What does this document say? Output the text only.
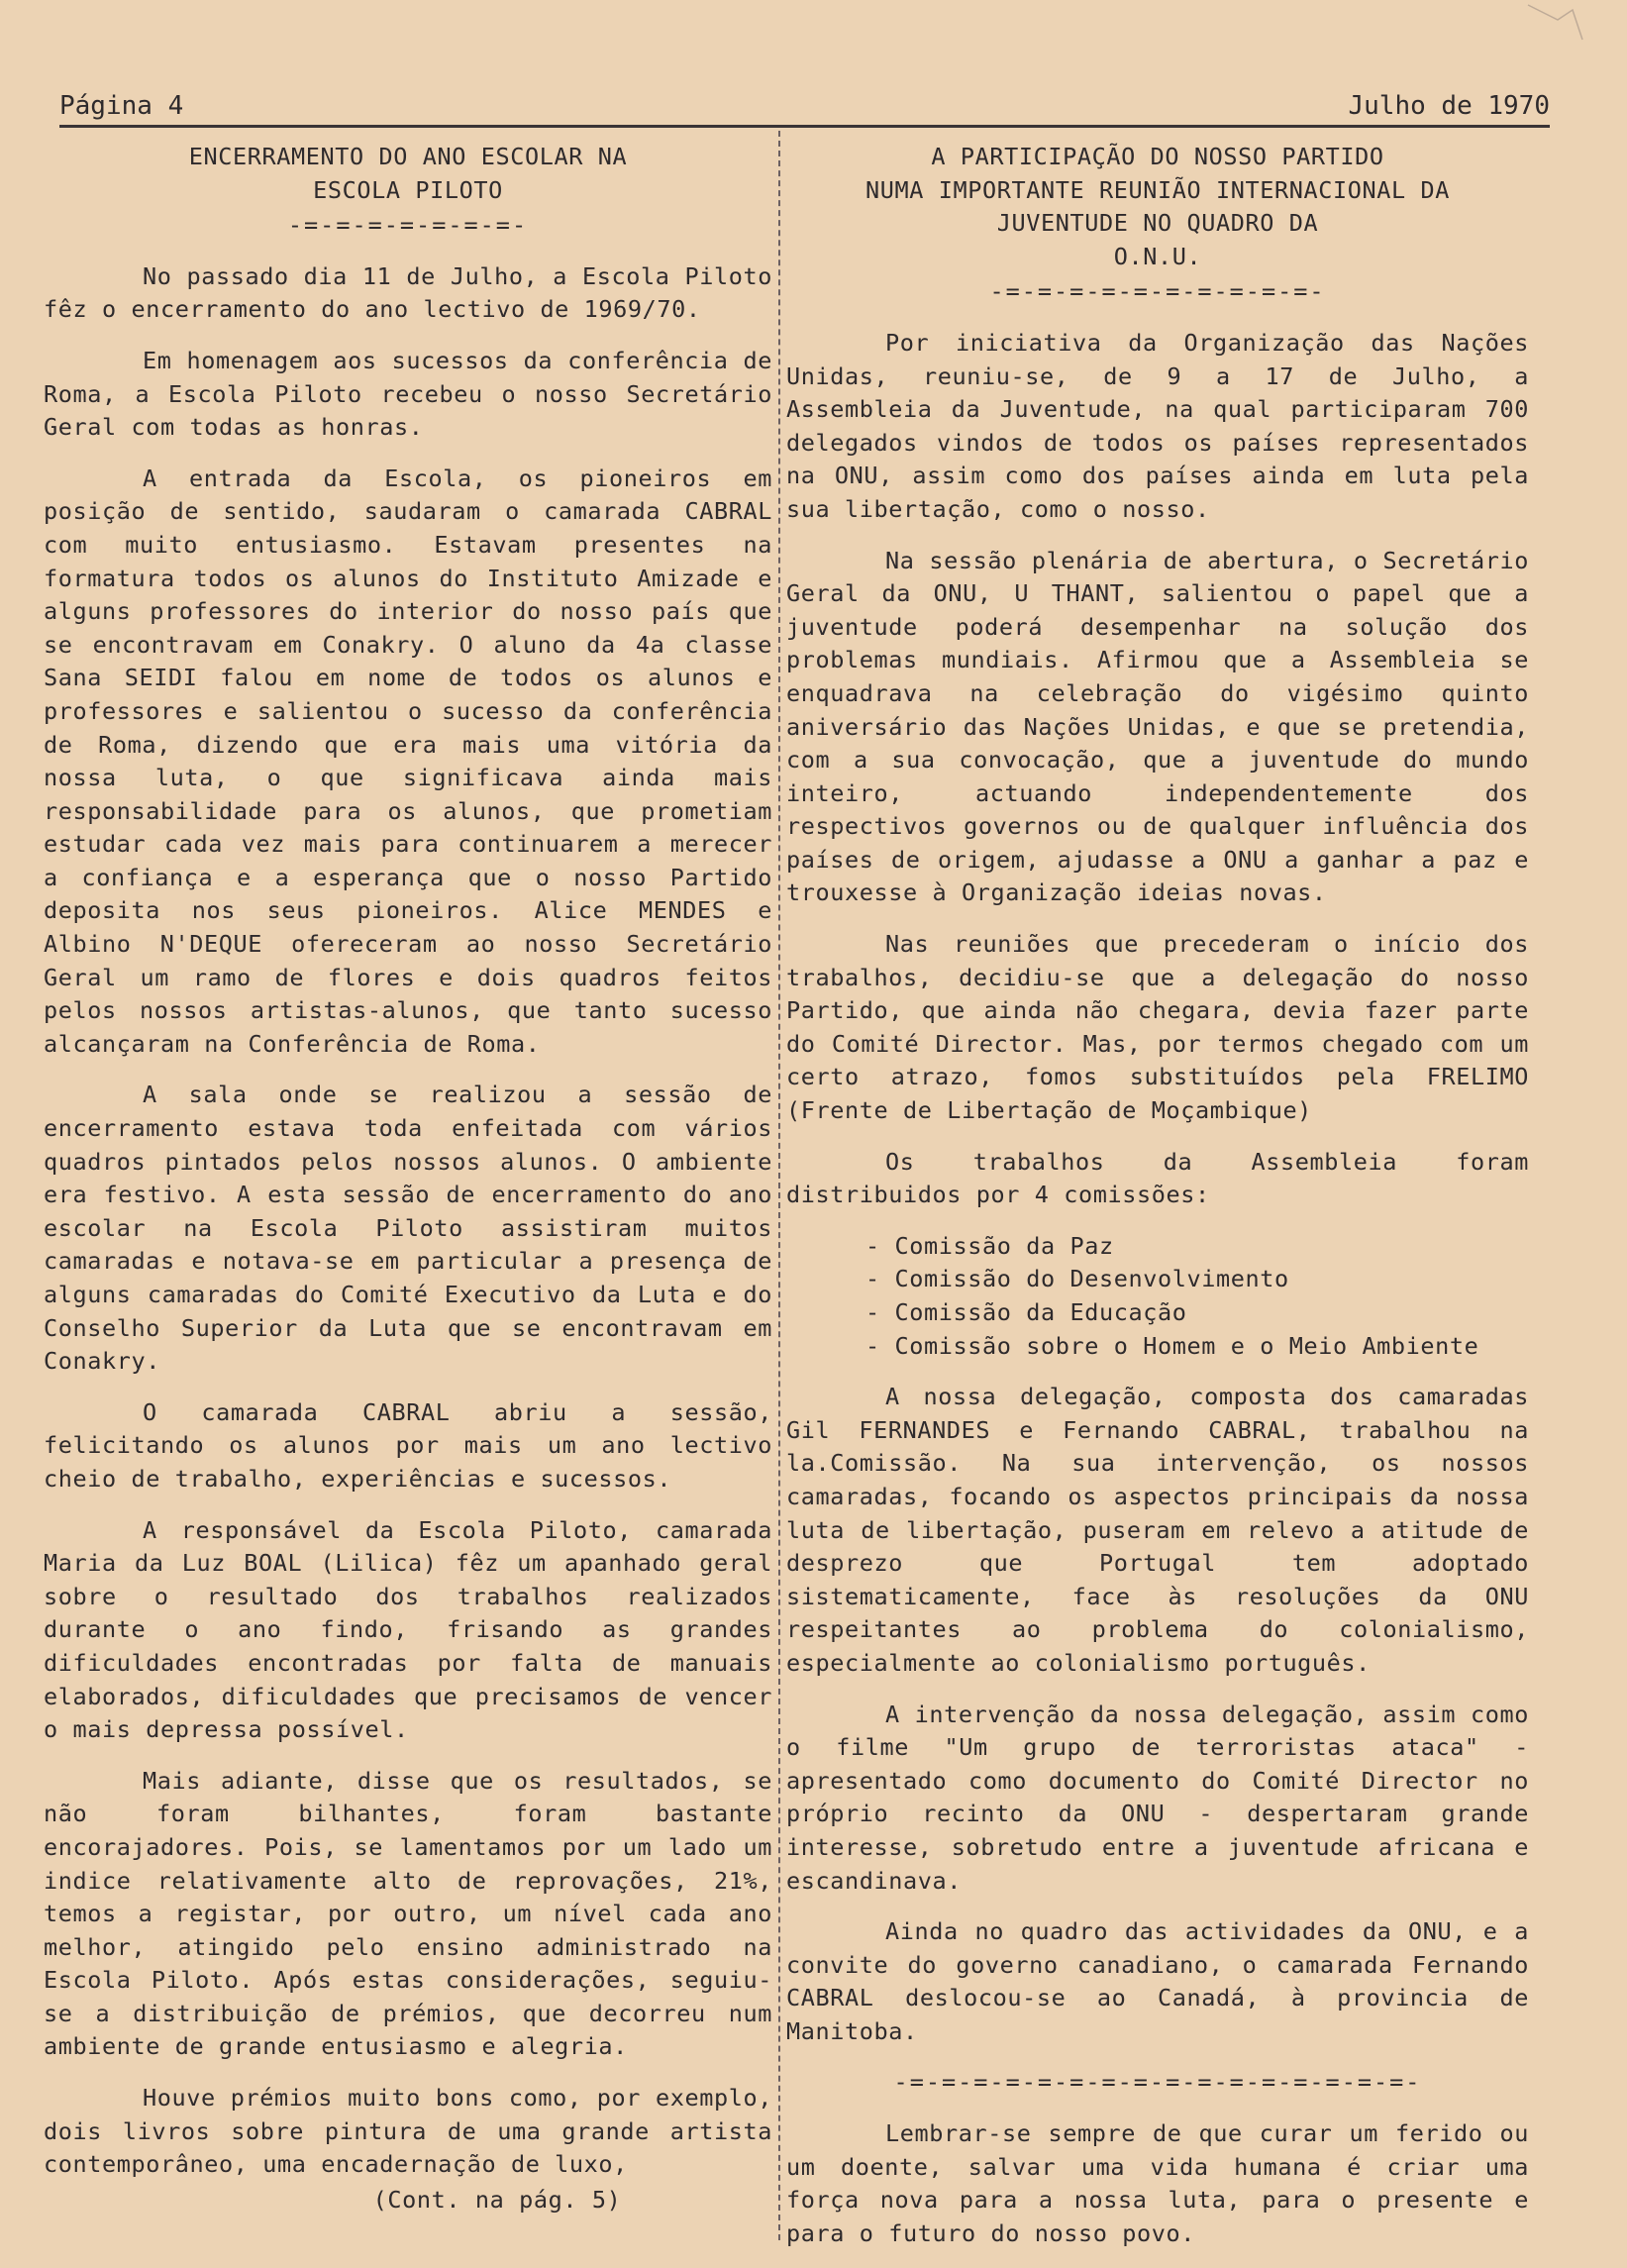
Página 4	Julho de 1970
ENCERRAMENTO DO ANO ESCOLAR NA
ESCOLA PILOTO
-=-=-=-=-=-=-=-

No passado dia 11 de Julho, a Escola Piloto fêz o encerramento do ano lectivo de 1969/70.

Em homenagem aos sucessos da conferência de Roma, a Escola Piloto recebeu o nosso Secretário Geral com todas as honras.

A entrada da Escola, os pioneiros em posição de sentido, saudaram o camarada CABRAL com muito entusiasmo. Estavam presentes na formatura todos os alunos do Instituto Amizade e alguns professores do interior do nosso país que se encontravam em Conakry. O aluno da 4a classe Sana SEIDI falou em nome de todos os alunos e professores e salientou o sucesso da conferência de Roma, dizendo que era mais uma vitória da nossa luta, o que significava ainda mais responsabilidade para os alunos, que prometiam estudar cada vez mais para continuarem a merecer a confiança e a esperança que o nosso Partido deposita nos seus pioneiros. Alice MENDES e Albino N'DEQUE ofereceram ao nosso Secretário Geral um ramo de flores e dois quadros feitos pelos nossos artistas-alunos, que tanto sucesso alcançaram na Conferência de Roma.

A sala onde se realizou a sessão de encerramento estava toda enfeitada com vários quadros pintados pelos nossos alunos. O ambiente era festivo. A esta sessão de encerramento do ano escolar na Escola Piloto assistiram muitos camaradas e notava-se em particular a presença de alguns camaradas do Comité Executivo da Luta e do Conselho Superior da Luta que se encontravam em Conakry.

O camarada CABRAL abriu a sessão, felicitando os alunos por mais um ano lectivo cheio de trabalho, experiências e sucessos.

A responsável da Escola Piloto, camarada Maria da Luz BOAL (Lilica) fêz um apanhado geral sobre o resultado dos trabalhos realizados durante o ano findo, frisando as grandes dificuldades encontradas por falta de manuais elaborados, dificuldades que precisamos de vencer o mais depressa possível.

Mais adiante, disse que os resultados, se não foram bilhantes, foram bastante encorajadores. Pois, se lamentamos por um lado um indice relativamente alto de reprovações, 21%, temos a registar, por outro, um nível cada ano melhor, atingido pelo ensino administrado na Escola Piloto. Após estas considerações, seguiu-se a distribuição de prémios, que decorreu num ambiente de grande entusiasmo e alegria.

Houve prémios muito bons como, por exemplo, dois livros sobre pintura de uma grande artista contemporâneo, uma encadernação de luxo,

(Cont. na pág. 5)
A PARTICIPAÇÃO DO NOSSO PARTIDO
NUMA IMPORTANTE REUNIÃO INTERNACIONAL DA
JUVENTUDE NO QUADRO DA
O.N.U.
-=-=-=-=-=-=-=-=-=-=-

Por iniciativa da Organização das Nações Unidas, reuniu-se, de 9 a 17 de Julho, a Assembleia da Juventude, na qual participaram 700 delegados vindos de todos os países representados na ONU, assim como dos países ainda em luta pela sua libertação, como o nosso.

Na sessão plenária de abertura, o Secretário Geral da ONU, U THANT, salientou o papel que a juventude poderá desempenhar na solução dos problemas mundiais. Afirmou que a Assembleia se enquadrava na celebração do vigésimo quinto aniversário das Nações Unidas, e que se pretendia, com a sua convocação, que a juventude do mundo inteiro, actuando independentemente dos respectivos governos ou de qualquer influência dos países de origem, ajudasse a ONU a ganhar a paz e trouxesse à Organização ideias novas.

Nas reuniões que precederam o início dos trabalhos, decidiu-se que a delegação do nosso Partido, que ainda não chegara, devia fazer parte do Comité Director. Mas, por termos chegado com um certo atrazo, fomos substituídos pela FRELIMO (Frente de Libertação de Moçambique)

Os trabalhos da Assembleia foram distribuidos por 4 comissões:

- Comissão da Paz
- Comissão do Desenvolvimento
- Comissão da Educação
- Comissão sobre o Homem e o Meio Ambiente

A nossa delegação, composta dos camaradas Gil FERNANDES e Fernando CABRAL, trabalhou na la.Comissão. Na sua intervenção, os nossos camaradas, focando os aspectos principais da nossa luta de libertação, puseram em relevo a atitude de desprezo que Portugal tem adoptado sistematicamente, face às resoluções da ONU respeitantes ao problema do colonialismo, especialmente ao colonialismo português.

A intervenção da nossa delegação, assim como o filme "Um grupo de terroristas ataca" - apresentado como documento do Comité Director no próprio recinto da ONU - despertaram grande interesse, sobretudo entre a juventude africana e escandinava.

Ainda no quadro das actividades da ONU, e a convite do governo canadiano, o camarada Fernando CABRAL deslocou-se ao Canadá, à provincia de Manitoba.

-=-=-=-=-=-=-=-=-=-=-=-=-=-=-=-=-

Lembrar-se sempre de que curar um ferido ou um doente, salvar uma vida humana é criar uma força nova para a nossa luta, para o presente e para o futuro do nosso povo.
